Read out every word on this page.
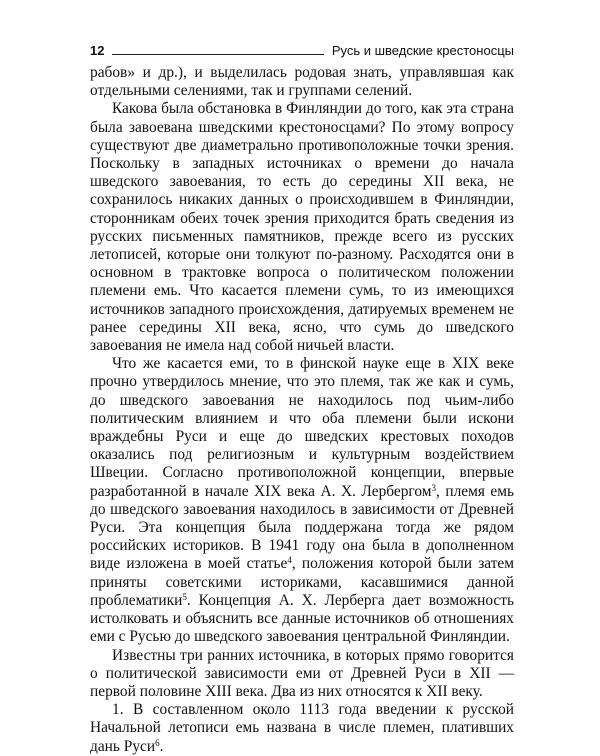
12	Русь и шведские крестоносцы

рабов» и др.), и выделилась родовая знать, управлявшая как отдельными селениями, так и группами селений.

Какова была обстановка в Финляндии до того, как эта страна была завоевана шведскими крестоносцами? По этому вопросу существуют две диаметрально противоположные точки зрения. Поскольку в западных источниках о времени до начала шведского завоевания, то есть до середины XII века, не сохранилось никаких данных о происходившем в Финляндии, сторонникам обеих точек зрения приходится брать сведения из русских письменных памятников, прежде всего из русских летописей, которые они толкуют по-разному. Расходятся они в основном в трактовке вопроса о политическом положении племени емь. Что касается племени сумь, то из имеющихся источников западного происхождения, датируемых временем не ранее середины XII века, ясно, что сумь до шведского завоевания не имела над собой ничьей власти.

Что же касается еми, то в финской науке еще в XIX веке прочно утвердилось мнение, что это племя, так же как и сумь, до шведского завоевания не находилось под чьим-либо политическим влиянием и что оба племени были искони враждебны Руси и еще до шведских крестовых походов оказались под религиозным и культурным воздействием Швеции. Согласно противоположной концепции, впервые разработанной в начале XIX века А. Х. Лербергом$^3$, племя емь до шведского завоевания находилось в зависимости от Древней Руси. Эта концепция была поддержана тогда же рядом российских историков. В 1941 году она была в дополненном виде изложена в моей статье$^4$, положения которой были затем приняты советскими историками, касавшимися данной проблематики$^5$. Концепция А. Х. Лерберга дает возможность истолковать и объяснить все данные источников об отношениях еми с Русью до шведского завоевания центральной Финляндии.

Известны три ранних источника, в которых прямо говорится о политической зависимости еми от Древней Руси в XII — первой половине XIII века. Два из них относятся к XII веку.

1. В составленном около 1113 года введении к русской Начальной летописи емь названа в числе племен, плативших дань Руси$^6$.
